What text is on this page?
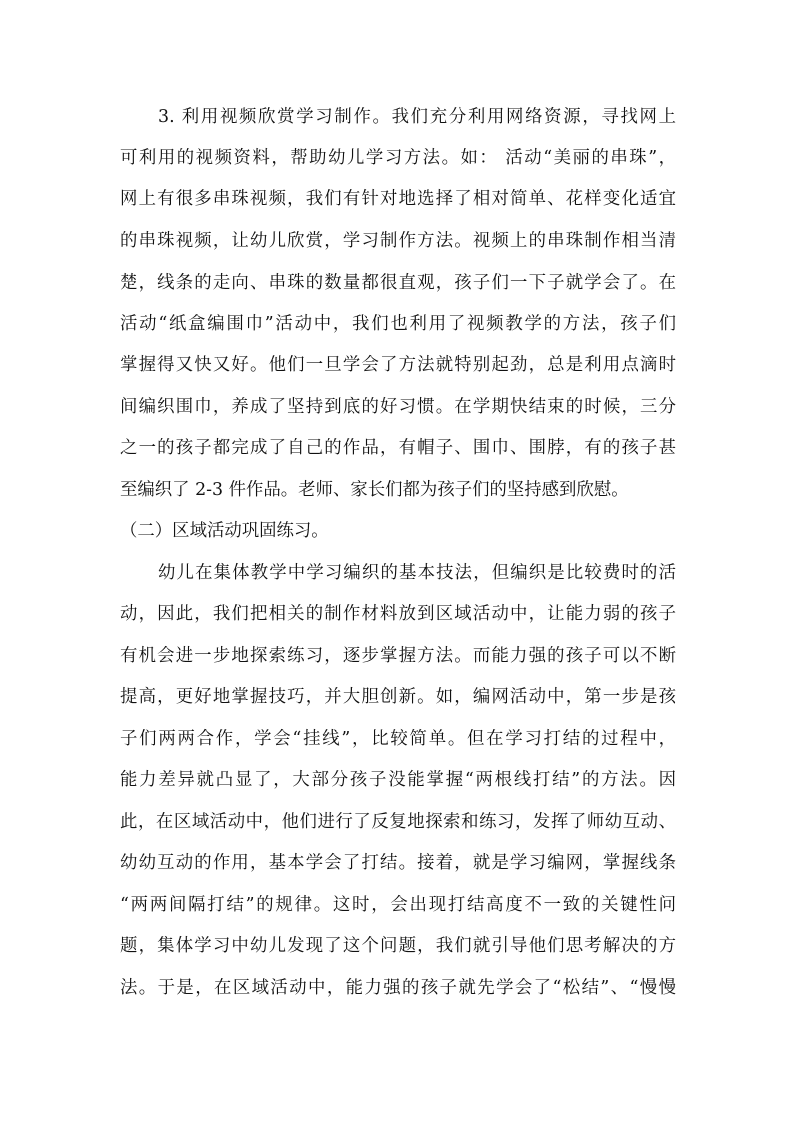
3. 利用视频欣赏学习制作。我们充分利用网络资源，寻找网上
可利用的视频资料，帮助幼儿学习方法。如： 活动“美丽的串珠”，
网上有很多串珠视频，我们有针对地选择了相对简单、花样变化适宜
的串珠视频，让幼儿欣赏，学习制作方法。视频上的串珠制作相当清
楚，线条的走向、串珠的数量都很直观，孩子们一下子就学会了。在
活动“纸盒编围巾”活动中，我们也利用了视频教学的方法，孩子们
掌握得又快又好。他们一旦学会了方法就特别起劲，总是利用点滴时
间编织围巾，养成了坚持到底的好习惯。在学期快结束的时候，三分
之一的孩子都完成了自己的作品，有帽子、围巾、围脖，有的孩子甚
至编织了 2-3 件作品。老师、家长们都为孩子们的坚持感到欣慰。
（二）区域活动巩固练习。
幼儿在集体教学中学习编织的基本技法，但编织是比较费时的活
动，因此，我们把相关的制作材料放到区域活动中，让能力弱的孩子
有机会进一步地探索练习，逐步掌握方法。而能力强的孩子可以不断
提高，更好地掌握技巧，并大胆创新。如，编网活动中，第一步是孩
子们两两合作，学会“挂线”，比较简单。但在学习打结的过程中，
能力差异就凸显了，大部分孩子没能掌握“两根线打结”的方法。因
此，在区域活动中，他们进行了反复地探索和练习，发挥了师幼互动、
幼幼互动的作用，基本学会了打结。接着，就是学习编网，掌握线条
“两两间隔打结”的规律。这时，会出现打结高度不一致的关键性问
题，集体学习中幼儿发现了这个问题，我们就引导他们思考解决的方
法。于是，在区域活动中，能力强的孩子就先学会了“松结”、“慢慢
